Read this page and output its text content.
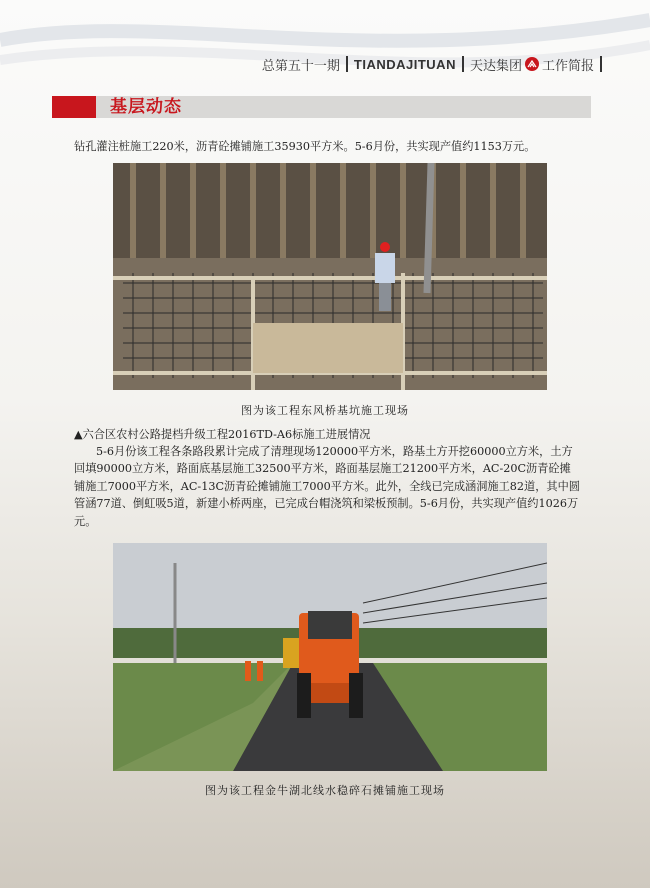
总第五十一期 TIANDAJITUAN 天达集团 工作简报
基层动态

钻孔灌注桩施工220米，沥青砼摊铺施工35930平方米。5-6月份，共实现产值约1153万元。

图为该工程东风桥基坑施工现场
▲六合区农村公路提档升级工程2016TD-A6标施工进展情况

5-6月份该工程各条路段累计完成了清理现场120000平方米，路基土方开挖60000立方米，土方回填90000立方米，路面底基层施工32500平方米，路面基层施工21200平方米，AC-20C沥青砼摊铺施工7000平方米，AC-13C沥青砼摊铺施工7000平方米。此外，全线已完成涵洞施工82道，其中圆管涵77道、倒虹吸5道，新建小桥两座，已完成台帽浇筑和梁板预制。5-6月份，共实现产值约1026万元。

图为该工程金牛湖北线水稳碎石摊铺施工现场
